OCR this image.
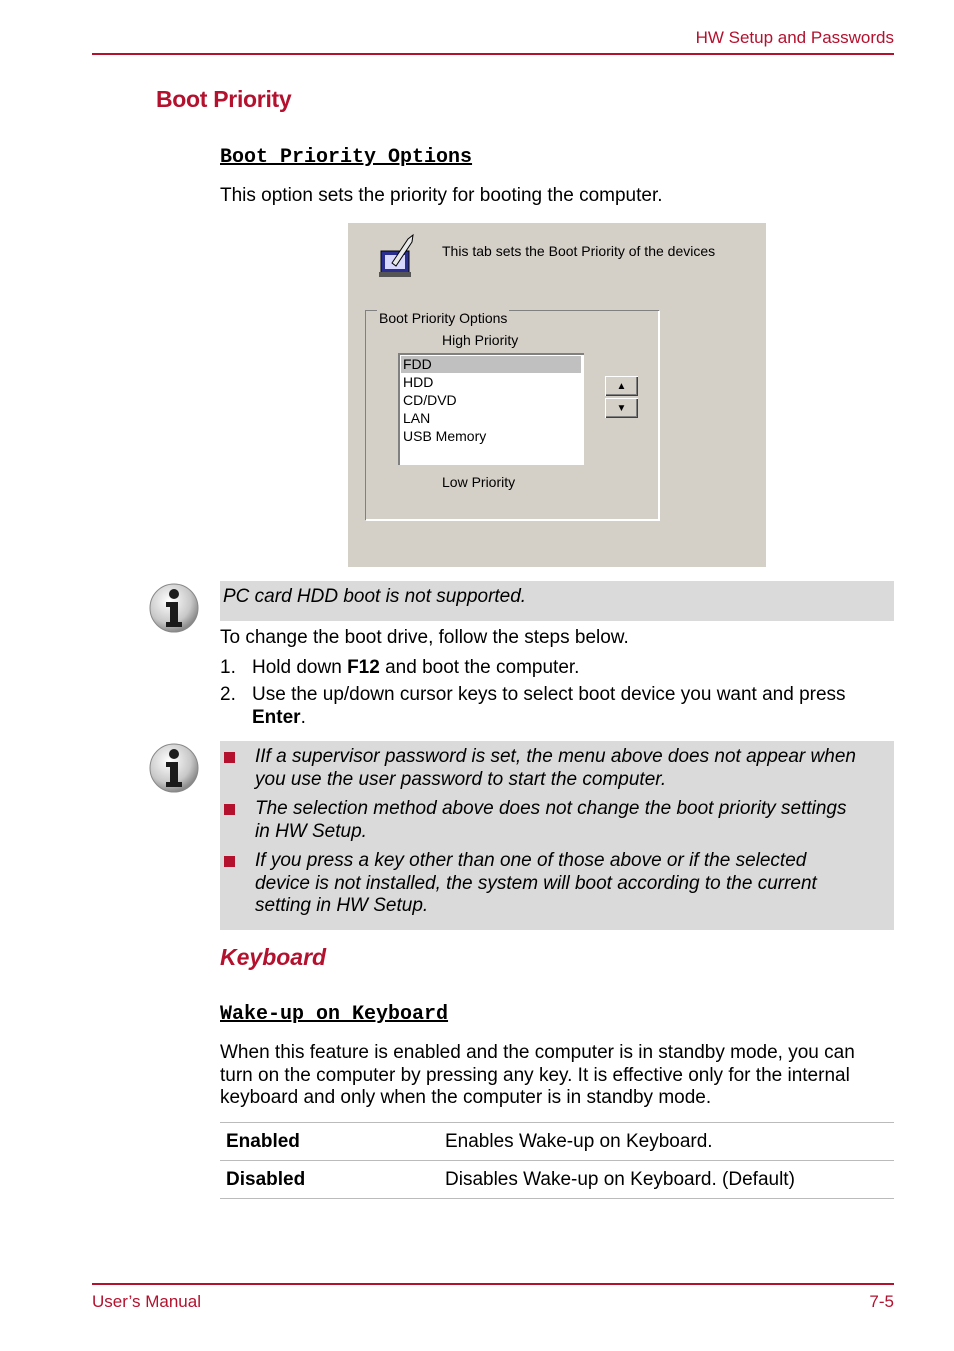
HW Setup and Passwords
Boot Priority
Boot Priority Options
This option sets the priority for booting the computer.
This tab sets the Boot Priority of the devices
Boot Priority Options
High Priority
FDD
HDD
CD/DVD
LAN
USB Memory
▲
▼
Low Priority
PC card HDD boot is not supported.
To change the boot drive, follow the steps below.
1. Hold down F12 and boot the computer.
2. Use the up/down cursor keys to select boot device you want and press
Enter.
IIf a supervisor password is set, the menu above does not appear when
you use the user password to start the computer.
The selection method above does not change the boot priority settings
in HW Setup.
If you press a key other than one of those above or if the selected
device is not installed, the system will boot according to the current
setting in HW Setup.
Keyboard
Wake-up on Keyboard
When this feature is enabled and the computer is in standby mode, you can
turn on the computer by pressing any key. It is effective only for the internal
keyboard and only when the computer is in standby mode.
Enabled	Enables Wake-up on Keyboard.
Disabled	Disables Wake-up on Keyboard. (Default)
User’s Manual	7-5
